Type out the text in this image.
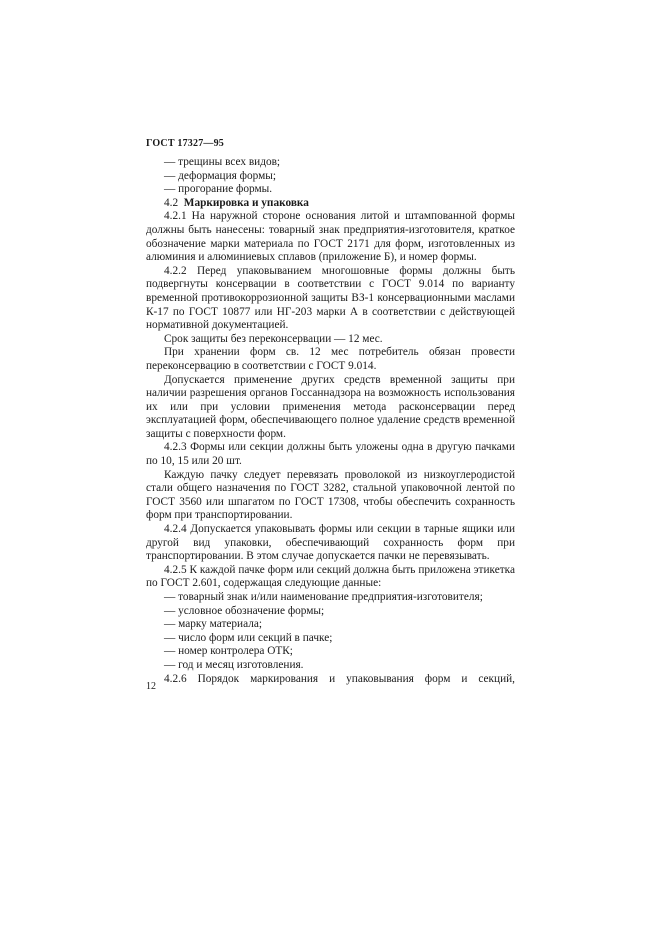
ГОСТ 17327—95
— трещины всех видов;
— деформация формы;
— прогорание формы.
4.2  Маркировка и упаковка
4.2.1 На наружной стороне основания литой и штампованной формы должны быть нанесены: товарный знак предприятия-изготовителя, краткое обозначение марки материала по ГОСТ 2171 для форм, изготовленных из алюминия и алюминиевых сплавов (приложение Б), и номер формы.
4.2.2 Перед упаковыванием многошовные формы должны быть подвергнуты консервации в соответствии с ГОСТ 9.014 по варианту временной противокоррозионной защиты ВЗ-1 консервационными маслами К-17 по ГОСТ 10877 или НГ-203 марки А в соответствии с действующей нормативной документацией.
Срок защиты без переконсервации — 12 мес.
При хранении форм св. 12 мес потребитель обязан провести переконсервацию в соответствии с ГОСТ 9.014.
Допускается применение других средств временной защиты при наличии разрешения органов Госсаннадзора на возможность использования их или при условии применения метода расконсервации перед эксплуатацией форм, обеспечивающего полное удаление средств временной защиты с поверхности форм.
4.2.3 Формы или секции должны быть уложены одна в другую пачками по 10, 15 или 20 шт.
Каждую пачку следует перевязать проволокой из низкоуглеродистой стали общего назначения по ГОСТ 3282, стальной упаковочной лентой по ГОСТ 3560 или шпагатом по ГОСТ 17308, чтобы обеспечить сохранность форм при транспортировании.
4.2.4 Допускается упаковывать формы или секции в тарные ящики или другой вид упаковки, обеспечивающий сохранность форм при транспортировании. В этом случае допускается пачки не перевязывать.
4.2.5 К каждой пачке форм или секций должна быть приложена этикетка по ГОСТ 2.601, содержащая следующие данные:
— товарный знак и/или наименование предприятия-изготовителя;
— условное обозначение формы;
— марку материала;
— число форм или секций в пачке;
— номер контролера ОТК;
— год и месяц изготовления.
4.2.6 Порядок маркирования и упаковывания форм и секций,
12
